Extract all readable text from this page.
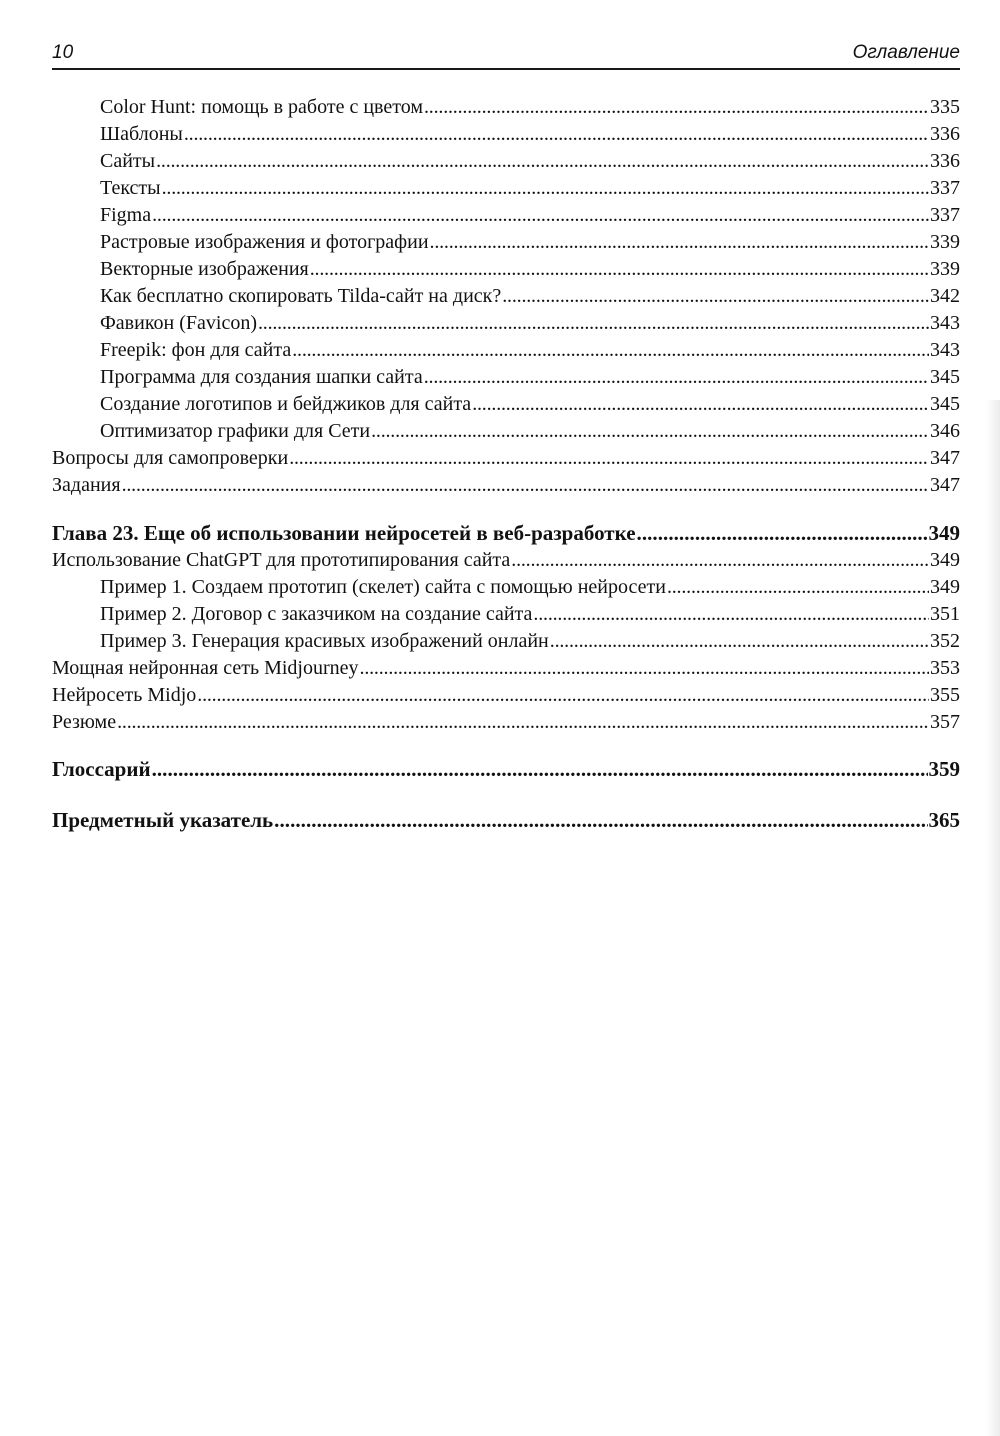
10	Оглавление
Color Hunt: помощь в работе с цветом . . .	335
Шаблоны . . .	336
Сайты . . .	336
Тексты . . .	337
Figma . . .	337
Растровые изображения и фотографии . . .	339
Векторные изображения . . .	339
Как бесплатно скопировать Tilda-сайт на диск? . . .	342
Фавикон (Favicon) . . .	343
Freepik: фон для сайта . . .	343
Программа для создания шапки сайта . . .	345
Создание логотипов и бейджиков для сайта . . .	345
Оптимизатор графики для Сети . . .	346
Вопросы для самопроверки . . .	347
Задания . . .	347
Глава 23. Еще об использовании нейросетей в веб-разработке . . .	349
Использование ChatGPT для прототипирования сайта . . .	349
Пример 1. Создаем прототип (скелет) сайта с помощью нейросети . . .	349
Пример 2. Договор с заказчиком на создание сайта . . .	351
Пример 3. Генерация красивых изображений онлайн . . .	352
Мощная нейронная сеть Midjourney . . .	353
Нейросеть Midjo . . .	355
Резюме . . .	357
Глоссарий . . .	359
Предметный указатель . . .	365
